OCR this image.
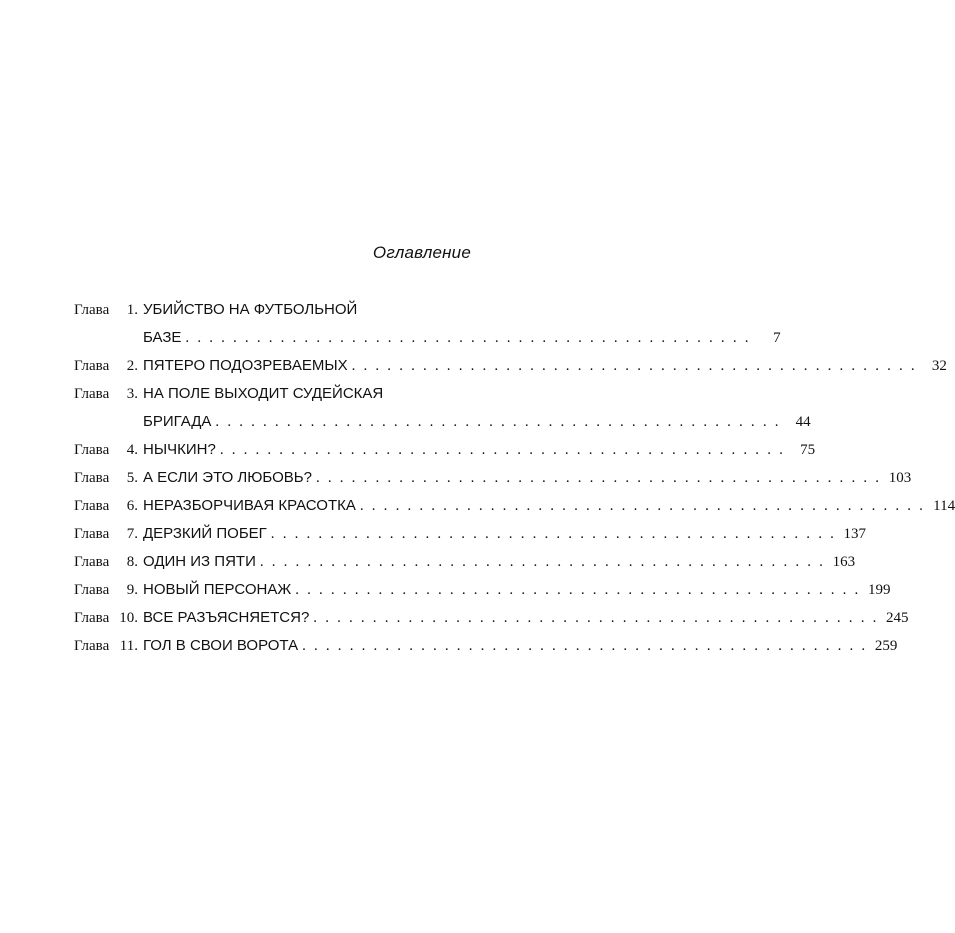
Оглавление
Глава 1. УБИЙСТВО НА ФУТБОЛЬНОЙ
БАЗЕ . . . . . . . . . . . . . . . . . . . . . . . . . . . . . . . . . . . . . . . . . . . . . . . .	7
Глава 2. ПЯТЕРО ПОДОЗРЕВАЕМЫХ . . . . . . . . . . . . . . . . . . . . . . . . . . . . . . . . . . . . . . . . . . . . . . . .	32
Глава 3. НА ПОЛЕ ВЫХОДИТ СУДЕЙСКАЯ
БРИГАДА . . . . . . . . . . . . . . . . . . . . . . . . . . . . . . . . . . . . . . . . . . . . . . . .	44
Глава 4. НЫЧКИН? . . . . . . . . . . . . . . . . . . . . . . . . . . . . . . . . . . . . . . . . . . . . . . . .	75
Глава 5. А ЕСЛИ ЭТО ЛЮБОВЬ? . . . . . . . . . . . . . . . . . . . . . . . . . . . . . . . . . . . . . . . . . . . . . . . . 103
Глава 6. НЕРАЗБОРЧИВАЯ КРАСОТКА . . . . . . . . . . . . . . . . . . . . . . . . . . . . . . . . . . . . . . . . . . . . . . . . 114
Глава 7. ДЕРЗКИЙ ПОБЕГ . . . . . . . . . . . . . . . . . . . . . . . . . . . . . . . . . . . . . . . . . . . . . . . . 137
Глава 8. ОДИН ИЗ ПЯТИ . . . . . . . . . . . . . . . . . . . . . . . . . . . . . . . . . . . . . . . . . . . . . . . . 163
Глава 9. НОВЫЙ ПЕРСОНАЖ . . . . . . . . . . . . . . . . . . . . . . . . . . . . . . . . . . . . . . . . . . . . . . . . 199
Глава 10. ВСЕ РАЗЪЯСНЯЕТСЯ? . . . . . . . . . . . . . . . . . . . . . . . . . . . . . . . . . . . . . . . . . . . . . . . . 245
Глава 11. ГОЛ В СВОИ ВОРОТА . . . . . . . . . . . . . . . . . . . . . . . . . . . . . . . . . . . . . . . . . . . . . . . . 259
